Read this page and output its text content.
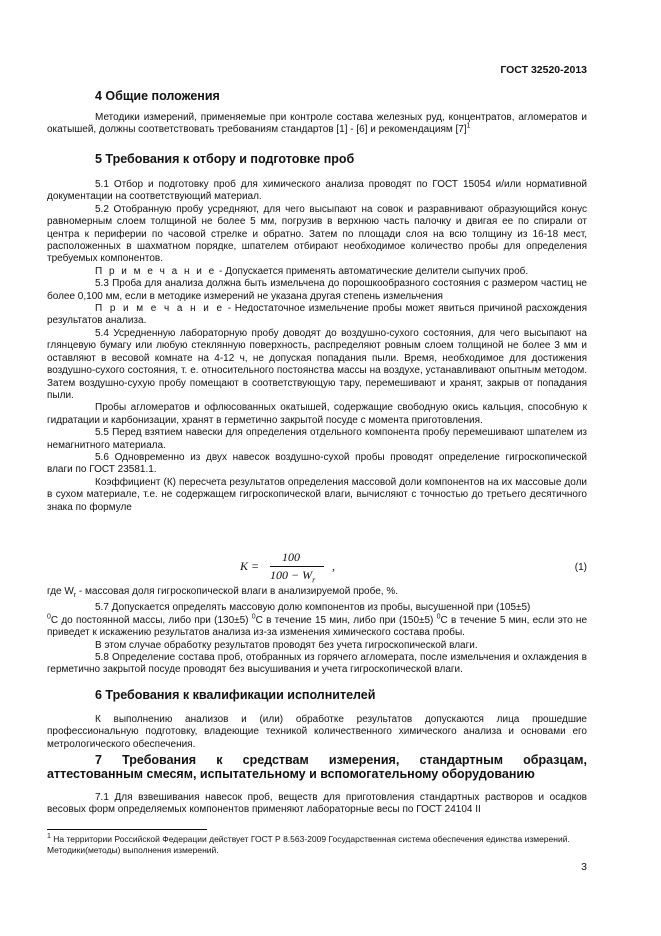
ГОСТ 32520-2013
4 Общие положения

Методики измерений, применяемые при контроле состава железных руд, концентратов, агломератов и окатышей, должны соответствовать требованиям стандартов [1] - [6] и рекомендациям $[7]^1$

5 Требования к отбору и подготовке проб

5.1 Отбор и подготовку проб для химического анализа проводят по ГОСТ 15054 и/или нормативной документации на соответствующий материал.

5.2 Отобранную пробу усредняют, для чего высыпают на совок и разравнивают образующийся конус равномерным слоем толщиной не более 5 мм, погрузив в верхнюю часть палочку и двигая ее по спирали от центра к периферии по часовой стрелке и обратно. Затем по площади слоя на всю толщину из 16-18 мест, расположенных в шахматном порядке, шпателем отбирают необходимое количество пробы для определения требуемых компонентов.

П р и м е ч а н и е - Допускается применять автоматические делители сыпучих проб.

5.3 Проба для анализа должна быть измельчена до порошкообразного состояния с размером частиц не более 0,100 мм, если в методике измерений не указана другая степень измельчения

П р и м е ч а н и е - Недостаточное измельчение пробы может явиться причиной расхождения результатов анализа.

5.4 Усредненную лабораторную пробу доводят до воздушно-сухого состояния, для чего высыпают на глянцевую бумагу или любую стеклянную поверхность, распределяют ровным слоем толщиной не более 3 мм и оставляют в весовой комнате на 4-12 ч, не допуская попадания пыли. Время, необходимое для достижения воздушно-сухого состояния, т. е. относительного постоянства массы на воздухе, устанавливают опытным методом. Затем воздушно-сухую пробу помещают в соответствующую тару, перемешивают и хранят, закрыв от попадания пыли.

Пробы агломератов и офлюсованных окатышей, содержащие свободную окись кальция, способную к гидратации и карбонизации, хранят в герметично закрытой посуде с момента приготовления.

5.5 Перед взятием навески для определения отдельного компонента пробу перемешивают шпателем из немагнитного материала.

5.6 Одновременно из двух навесок воздушно-сухой пробы проводят определение гигроскопической влаги по ГОСТ 23581.1.

Коэффициент (К) пересчета результатов определения массовой доли компонентов на их массовые доли в сухом материале, т.е. не содержащем гигроскопической влаги, вычисляют с точностью до третьего десятичного знака по формуле

где $W_r$ - массовая доля гигроскопической влаги в анализируемой пробе, %.

5.7 Допускается определять массовую долю компонентов из пробы, высушенной при (105±5)
$^0$С до постоянной массы, либо при (130±5) $^0$С в течение 15 мин, либо при (150±5) $^0$С в течение 5 мин, если это не приведет к искажению результатов анализа из-за изменения химического состава пробы.

В этом случае обработку результатов проводят без учета гигроскопической влаги.

5.8 Определение состава проб, отобранных из горячего агломерата, после измельчения и охлаждения в герметично закрытой посуде проводят без высушивания и учета гигроскопической влаги.

6 Требования к квалификации исполнителей

К выполнению анализов и (или) обработке результатов допускаются лица прошедшие профессиональную подготовку, владеющие техникой количественного химического анализа и основами его метрологического обеспечения.

7 Требования к средствам измерения, стандартным образцам,
аттестованным смесям, испытательному и вспомогательному оборудованию

7.1 Для взвешивания навесок проб, веществ для приготовления стандартных растворов и осадков весовых форм определяемых компонентов применяют лабораторные весы по ГОСТ 24104 II

K =
100
$100 - W_r$
,	(1)
$^1$ На территории Российской Федерации действует ГОСТ Р 8.563-2009 Государственная система обеспечения единства измерений. Методики(методы) выполнения измерений.
3
